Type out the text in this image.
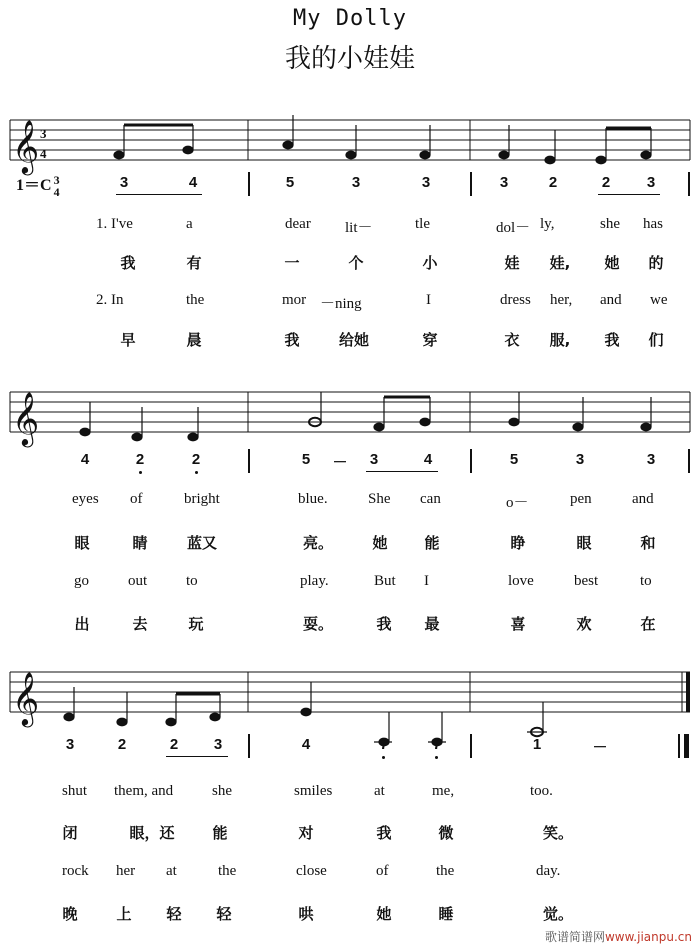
My Dolly
我的小娃娃
𝄞
𝄞
𝄞
3
4
1＝C 3
4
3	4	5	3	3	3	2	2 3
1. I've	a	dear lit－	tle	dol－ ly,	she has
我	有	一	个	小	娃 娃, 她 的
2. In	the	mor －ning	I	dress her, and we
早	晨	我	给她	穿	衣 服, 我 们
4	2	2	5 － 3	4	5	3	3
eyes of	bright	blue.	She can	o－	pen	and
眼	睛	蓝又	亮。	她 能	睁	眼	和
go	out	to	play.	But I	love	best	to
出	去	玩	耍。	我 最	喜	欢	在
3	2	2 3	4	7	7	1	－
shut them, and	she	smiles	at	me,	too.
闭	眼，还	能	对	我	微	笑。
rock her at	the	close	of	the	day.
晚	上 轻 轻	哄	她	睡	觉。
歌谱简谱网www.jianpu.cn
